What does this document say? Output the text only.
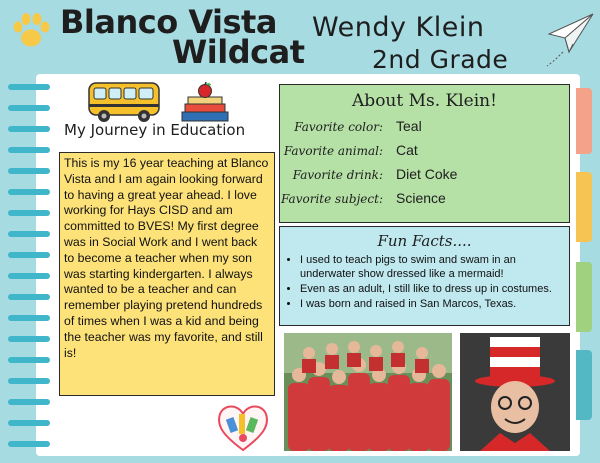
Blanco Vista
Wildcat
Wendy Klein
2nd Grade
My Journey in Education

This is my 16 year teaching at Blanco Vista and I am again looking forward to having a great year ahead. I love working for Hays CISD and am committed to BVES! My first degree was in Social Work and I went back to become a teacher when my son was starting kindergarten. I always wanted to be a teacher and can remember playing pretend hundreds of times when I was a kid and being the teacher was my favorite, and still is!

About Ms. Klein!
Favorite color: Teal
Favorite animal: Cat
Favorite drink: Diet Coke
Favorite subject: Science
Fun Facts....
• I used to teach pigs to swim and swam in an underwater show dressed like a mermaid!
• Even as an adult, I still like to dress up in costumes.
• I was born and raised in San Marcos, Texas.
